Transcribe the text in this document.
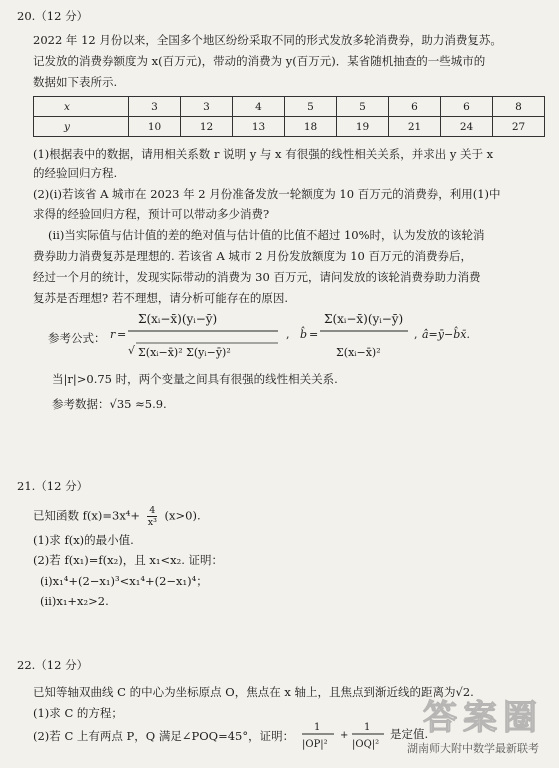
20.（12 分）
2022 年 12 月份以来，全国多个地区纷纷采取不同的形式发放多轮消费券，助力消费复苏。
记发放的消费券额度为 x(百万元)，带动的消费为 y(百万元)．某省随机抽查的一些城市的
数据如下表所示.
x	3	3	4	5	5	6	6	8
y	10	12	13	18	19	21	24	27
(1)根据表中的数据，请用相关系数 r 说明 y 与 x 有很强的线性相关关系，并求出 y 关于 x
的经验回归方程.
(2)(ⅰ)若该省 A 城市在 2023 年 2 月份准备发放一轮额度为 10 百万元的消费券，利用(1)中
求得的经验回归方程，预计可以带动多少消费?
(ⅱ)当实际值与估计值的差的绝对值与估计值的比值不超过 10%时，认为发放的该轮消
费券助力消费复苏是理想的. 若该省 A 城市 2 月份发放额度为 10 百万元的消费券后，
经过一个月的统计，发现实际带动的消费为 30 百万元，请问发放的该轮消费券助力消费
复苏是否理想? 若不理想，请分析可能存在的原因.
参考公式： r =
Σ(xᵢ−x̄)(yᵢ−ȳ)
√ Σ(xᵢ−x̄)² Σ(yᵢ−ȳ)²
, b̂ =
Σ(xᵢ−x̄)(yᵢ−ȳ)
Σ(xᵢ−x̄)²
, â=ȳ−b̂x̄.
当|r|>0.75 时，两个变量之间具有很强的线性相关关系.
参考数据：√35 ≈5.9.
21.（12 分）
已知函数 $f(x)=3x^4+ \frac{4}{\text{x³}} (x>0)$.
(1)求 f(x)的最小值.
(2)若 f(x₁)=f(x₂)，且 x₁<x₂. 证明：
(ⅰ)x₁⁴+(2−x₁)³<x₁⁴+(2−x₁)⁴；
(ⅱ)x₁+x₂>2.
22.（12 分）
已知等轴双曲线 C 的中心为坐标原点 O，焦点在 x 轴上，且焦点到渐近线的距离为√2.
(1)求 C 的方程；
(2)若 C 上有两点 P，Q 满足∠POQ=45°，证明：
1
|OP|²
+
1
|OQ|²
是定值.
答案圈
湖南师大附中数学最新联考
